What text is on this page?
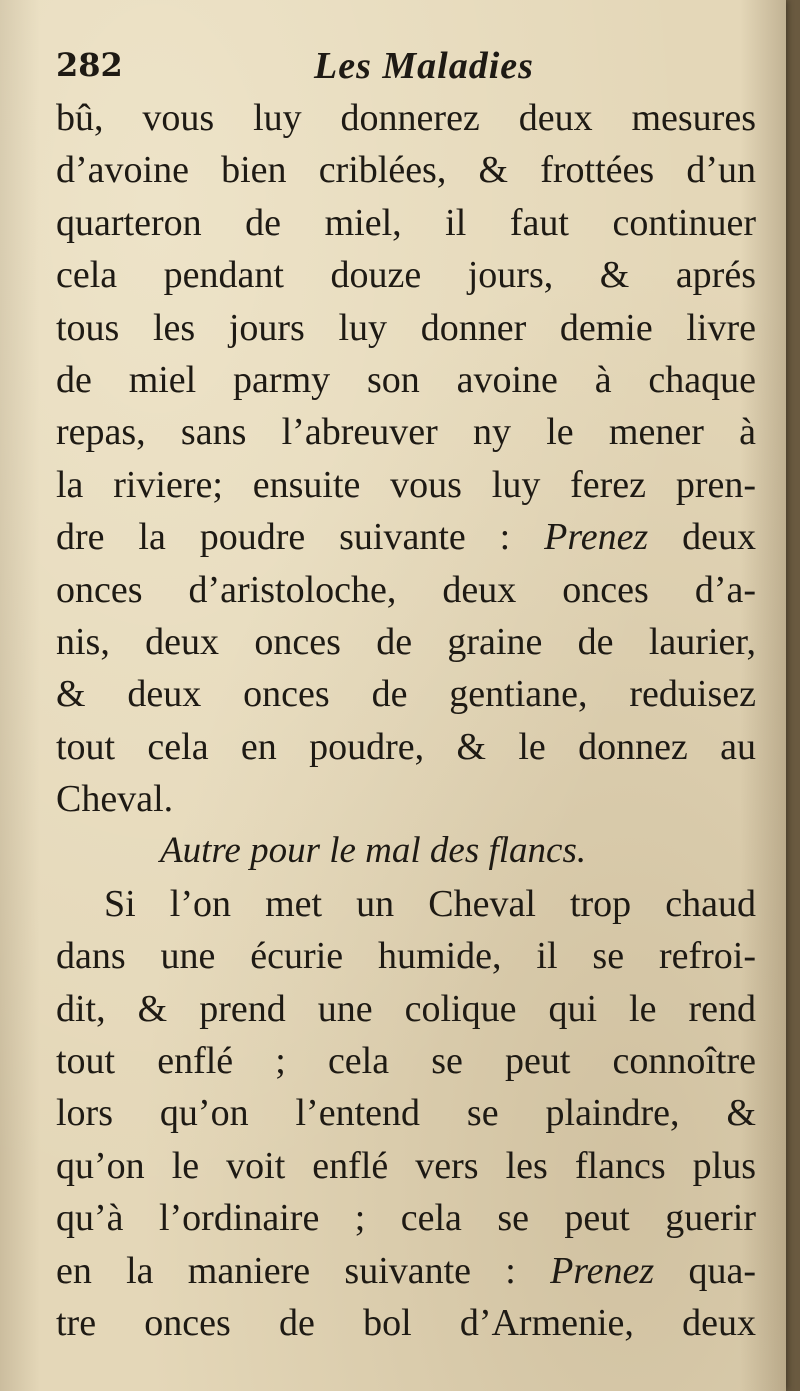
282	Les Maladies
bû, vous luy donnerez deux mesures
d’avoine bien criblées, & frottées d’un
quarteron de miel, il faut continuer
cela pendant douze jours, & aprés
tous les jours luy donner demie livre
de miel parmy son avoine à chaque
repas, sans l’abreuver ny le mener à
la riviere; ensuite vous luy ferez pren-
dre la poudre suivante : Prenez deux
onces d’aristoloche, deux onces d’a-
nis, deux onces de graine de laurier,
& deux onces de gentiane, reduisez
tout cela en poudre, & le donnez au
Cheval.
Autre pour le mal des flancs.
Si l’on met un Cheval trop chaud
dans une écurie humide, il se refroi-
dit, & prend une colique qui le rend
tout enflé ; cela se peut connoître
lors qu’on l’entend se plaindre, &
qu’on le voit enflé vers les flancs plus
qu’à l’ordinaire ; cela se peut guerir
en la maniere suivante : Prenez qua-
tre onces de bol d’Armenie, deux
